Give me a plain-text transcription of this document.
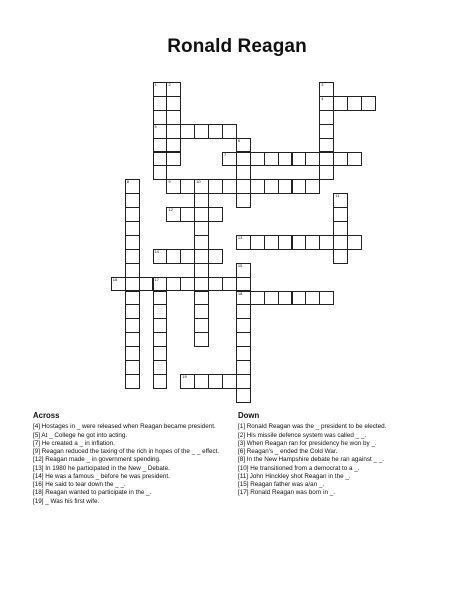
Ronald Reagan
1
5
2	3
4
6
7
8	9	10
11
12
13
14
15
18
16	17
19
Across

[4] Hostages in _ were released when Reagan became president.

[5] At _ College he got into acting.

[7] He created a _ in inflation.

[9] Reagan reduced the taxing of the rich in hopes of the _ _ effect.

[12] Reagan made _ in government spending.

[13] In 1980 he participated in the New _ Debate.

[14] He was a famous _ before he was president.

[16] He said to tear down the _ _.

[18] Reagan wanted to participate in the _.

[19] _ Was his first wife.

Down

[1] Ronald Reagan was the _ president to be elected.

[2] His missile defence system was called _ _.

[3] When Reagan ran for presidency he won by _.

[6] Reagan's _ ended the Cold War.

[8] In the New Hampshire debate he ran against _ _.

[10] He transitioned from a democrat to a _.

[11] John Hinckley shot Reagan in the _.

[15] Reagan father was a/an _.

[17] Ronald Reagan was born in _.
